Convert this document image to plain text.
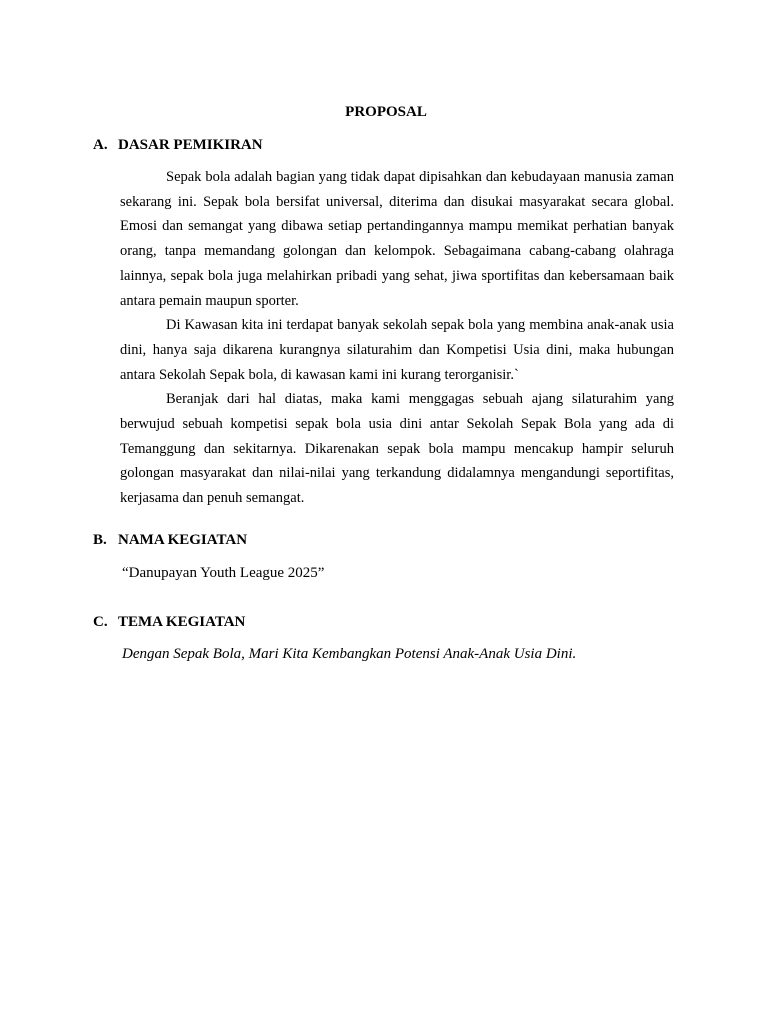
PROPOSAL
A. DASAR PEMIKIRAN

Sepak bola adalah bagian yang tidak dapat dipisahkan dan kebudayaan manusia zaman sekarang ini. Sepak bola bersifat universal, diterima dan disukai masyarakat secara global. Emosi dan semangat yang dibawa setiap pertandingannya mampu memikat perhatian banyak orang, tanpa memandang golongan dan kelompok. Sebagaimana cabang-cabang olahraga lainnya, sepak bola juga melahirkan pribadi yang sehat, jiwa sportifitas dan kebersamaan baik antara pemain maupun sporter.

Di Kawasan kita ini terdapat banyak sekolah sepak bola yang membina anak-anak usia dini, hanya saja dikarena kurangnya silaturahim dan Kompetisi Usia dini, maka hubungan antara Sekolah Sepak bola, di kawasan kami ini kurang terorganisir.`

Beranjak dari hal diatas, maka kami menggagas sebuah ajang silaturahim yang berwujud sebuah kompetisi sepak bola usia dini antar Sekolah Sepak Bola yang ada di Temanggung dan sekitarnya. Dikarenakan sepak bola mampu mencakup hampir seluruh golongan masyarakat dan nilai-nilai yang terkandung didalamnya mengandungi seportifitas, kerjasama dan penuh semangat.

B. NAMA KEGIATAN

“Danupayan Youth League 2025”

C. TEMA KEGIATAN

Dengan Sepak Bola, Mari Kita Kembangkan Potensi Anak-Anak Usia Dini.
